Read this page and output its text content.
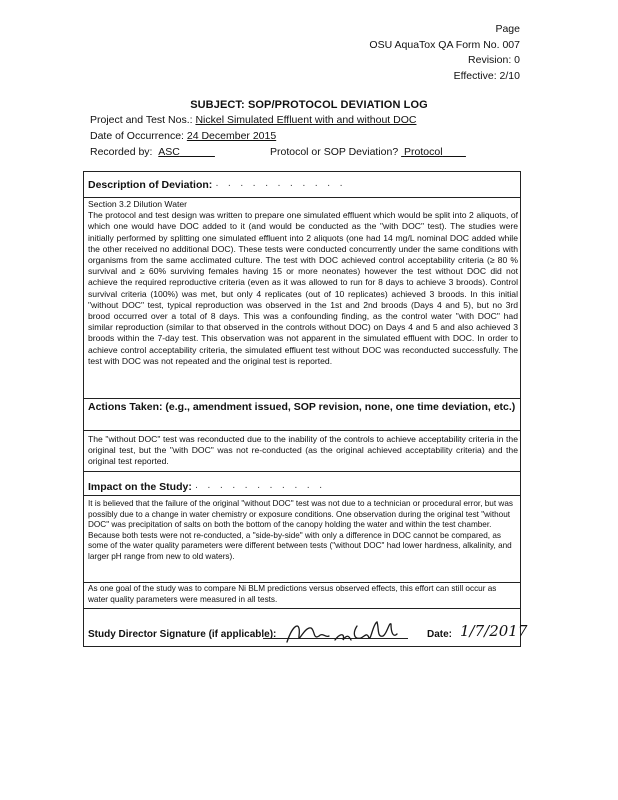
Page
OSU AquaTox QA Form No. 007
Revision: 0
Effective: 2/10
SUBJECT: SOP/PROTOCOL DEVIATION LOG
Project and Test Nos.: Nickel Simulated Effluent with and without DOC
Date of Occurrence: 24 December 2015
Recorded by:  ASC	Protocol or SOP Deviation?  Protocol
Description of Deviation: · · · · · · · · · · ·

Section 3.2 Dilution Water

The protocol and test design was written to prepare one simulated effluent which would be split into 2 aliquots, of which one would have DOC added to it (and would be conducted as the "with DOC" test). The studies were initially performed by splitting one simulated effluent into 2 aliquots (one had 14 mg/L nominal DOC added while the other received no additional DOC). These tests were conducted concurrently under the same conditions with organisms from the same acclimated culture. The test with DOC achieved control acceptability criteria (≥ 80 % survival and ≥ 60% surviving females having 15 or more neonates) however the test without DOC did not achieve the required reproductive criteria (even as it was allowed to run for 8 days to achieve 3 broods). Control survival criteria (100%) was met, but only 4 replicates (out of 10 replicates) achieved 3 broods. In this initial "without DOC" test, typical reproduction was observed in the 1st and 2nd broods (Days 4 and 5), but no 3rd brood occurred over a total of 8 days. This was a confounding finding, as the control water "with DOC" had similar reproduction (similar to that observed in the controls without DOC) on Days 4 and 5 and also achieved 3 broods within the 7-day test. This observation was not apparent in the simulated effluent with DOC. In order to achieve control acceptability criteria, the simulated effluent test without DOC was reconducted successfully. The test with DOC was not repeated and the original test is reported.

Actions Taken: (e.g., amendment issued, SOP revision, none, one time deviation, etc.)
The "without DOC" test was reconducted due to the inability of the controls to achieve acceptability criteria in the original test, but the "with DOC" was not re-conducted (as the original achieved acceptability criteria) and the original test reported.
Impact on the Study: · · · · · · · · · · ·
It is believed that the failure of the original "without DOC" test was not due to a technician or procedural error, but was possibly due to a change in water chemistry or exposure conditions. One observation during the original test "without DOC" was precipitation of salts on both the bottom of the canopy holding the water and within the test chamber. Because both tests were not re-conducted, a "side-by-side" with only a difference in DOC cannot be compared, as some of the water quality parameters were different between tests ("without DOC" had lower hardness, alkalinity, and larger pH range from new to old waters).
As one goal of the study was to compare Ni BLM predictions versus observed effects, this effort can still occur as water quality parameters were measured in all tests.
Study Director Signature (if applicable):	Date: 1/7/2017
